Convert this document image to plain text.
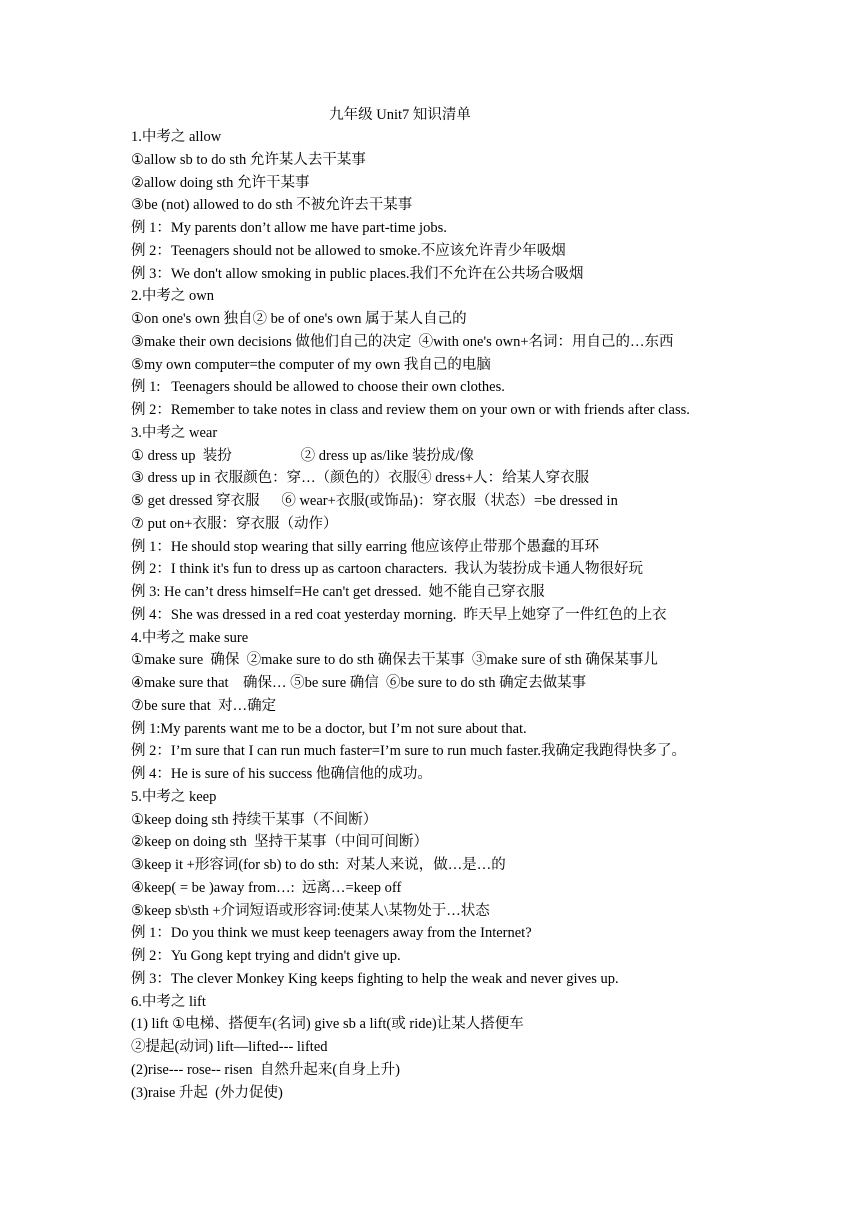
九年级 Unit7 知识清单
1.中考之 allow
①allow sb to do sth 允许某人去干某事
②allow doing sth 允许干某事
③be (not) allowed to do sth 不被允许去干某事
例 1：My parents don’t allow me have part-time jobs.
例 2：Teenagers should not be allowed to smoke.不应该允许青少年吸烟
例 3：We don't allow smoking in public places.我们不允许在公共场合吸烟
2.中考之 own
①on one's own 独自② be of one's own 属于某人自己的
③make their own decisions 做他们自己的决定  ④with one's own+名词：用自己的…东西
⑤my own computer=the computer of my own 我自己的电脑
例 1:   Teenagers should be allowed to choose their own clothes.
例 2：Remember to take notes in class and review them on your own or with friends after class.
3.中考之 wear
① dress up  装扮                   ② dress up as/like 装扮成/像
③ dress up in 衣服颜色：穿…（颜色的）衣服④ dress+人：给某人穿衣服
⑤ get dressed 穿衣服      ⑥ wear+衣服(或饰品)：穿衣服（状态）=be dressed in
⑦ put on+衣服：穿衣服（动作）
例 1：He should stop wearing that silly earring 他应该停止带那个愚蠢的耳环
例 2：I think it's fun to dress up as cartoon characters.  我认为装扮成卡通人物很好玩
例 3: He can’t dress himself=He can't get dressed.  她不能自己穿衣服
例 4：She was dressed in a red coat yesterday morning.  昨天早上她穿了一件红色的上衣
4.中考之 make sure
①make sure  确保  ②make sure to do sth 确保去干某事  ③make sure of sth 确保某事儿
④make sure that    确保… ⑤be sure 确信  ⑥be sure to do sth 确定去做某事
⑦be sure that  对…确定
例 1:My parents want me to be a doctor, but I’m not sure about that.
例 2：I’m sure that I can run much faster=I’m sure to run much faster.我确定我跑得快多了。
例 4：He is sure of his success 他确信他的成功。
5.中考之 keep
①keep doing sth 持续干某事（不间断）
②keep on doing sth  坚持干某事（中间可间断）
③keep it +形容词(for sb) to do sth:  对某人来说，做…是…的
④keep( = be )away from…:  远离…=keep off
⑤keep sb\sth +介词短语或形容词:使某人\某物处于…状态
例 1：Do you think we must keep teenagers away from the Internet?
例 2：Yu Gong kept trying and didn't give up.
例 3：The clever Monkey King keeps fighting to help the weak and never gives up.
6.中考之 lift
(1) lift ①电梯、搭便车(名词) give sb a lift(或 ride)让某人搭便车
②提起(动词) lift—lifted--- lifted
(2)rise--- rose-- risen  自然升起来(自身上升)
(3)raise 升起  (外力促使)
